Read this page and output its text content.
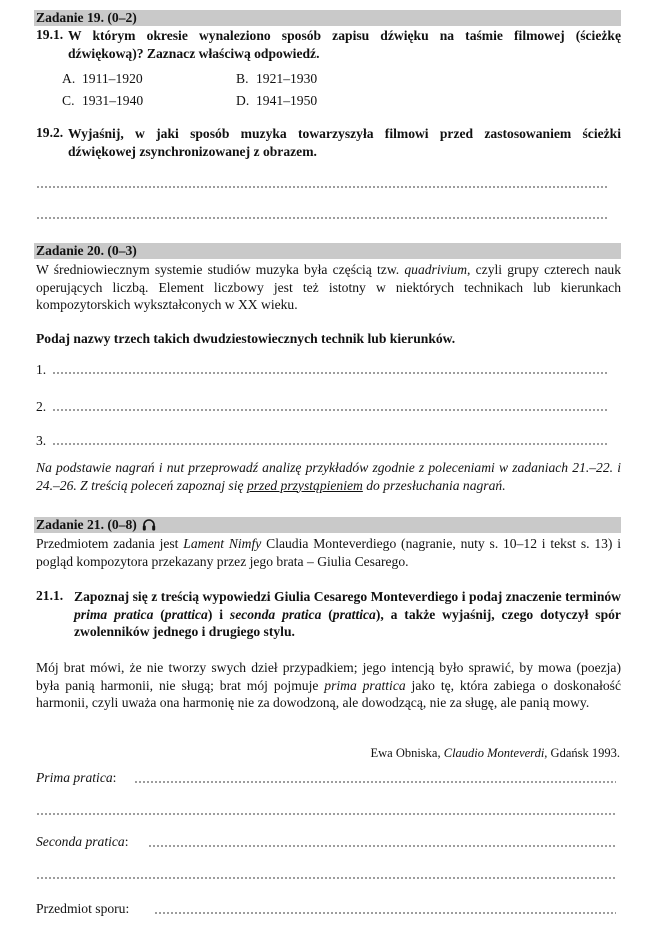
Zadanie 19. (0–2)
19.1. W którym okresie wynaleziono sposób zapisu dźwięku na taśmie filmowej (ścieżkę dźwiękową)? Zaznacz właściwą odpowiedź.
A. 1911–1920	B. 1921–1930
C. 1931–1940	D. 1941–1950
19.2. Wyjaśnij, w jaki sposób muzyka towarzyszyła filmowi przed zastosowaniem ścieżki dźwiękowej zsynchronizowanej z obrazem.
Zadanie 20. (0–3)
W średniowiecznym systemie studiów muzyka była częścią tzw. quadrivium, czyli grupy czterech nauk operujących liczbą. Element liczbowy jest też istotny w niektórych technikach lub kierunkach kompozytorskich wykształconych w XX wieku.
Podaj nazwy trzech takich dwudziestowiecznych technik lub kierunków.
1.
2.
3.
Na podstawie nagrań i nut przeprowadź analizę przykładów zgodnie z poleceniami w zadaniach 21.–22. i 24.–26. Z treścią poleceń zapoznaj się przed przystąpieniem do przesłuchania nagrań.
Zadanie 21. (0–8)
Przedmiotem zadania jest Lament Nimfy Claudia Monteverdiego (nagranie, nuty s. 10–12 i tekst s. 13) i pogląd kompozytora przekazany przez jego brata – Giulia Cesarego.
21.1. Zapoznaj się z treścią wypowiedzi Giulia Cesarego Monteverdiego i podaj znaczenie terminów prima pratica (prattica) i seconda pratica (prattica), a także wyjaśnij, czego dotyczył spór zwolenników jednego i drugiego stylu.
Mój brat mówi, że nie tworzy swych dzieł przypadkiem; jego intencją było sprawić, by mowa (poezja) była panią harmonii, nie sługą; brat mój pojmuje prima prattica jako tę, która zabiega o doskonałość harmonii, czyli uważa ona harmonię nie za dowodzoną, ale dowodzącą, nie za sługę, ale panią mowy.
Ewa Obniska, Claudio Monteverdi, Gdańsk 1993.
Prima pratica:
Seconda pratica:
Przedmiot sporu:
